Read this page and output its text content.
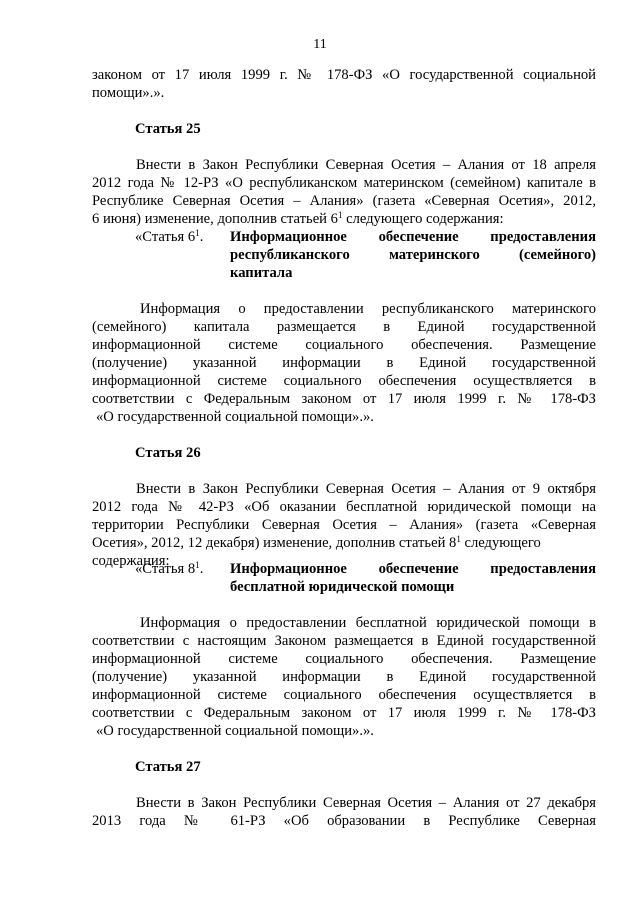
11
законом от 17 июля 1999 г. № 178-ФЗ «О государственной социальной
помощи».».
Статья 25
Внести в Закон Республики Северная Осетия – Алания от 18 апреля
2012 года № 12-РЗ «О республиканском материнском (семейном) капитале в
Республике Северная Осетия – Алания» (газета «Северная Осетия», 2012,
6 июня) изменение, дополнив статьей $6^1$ следующего содержания:
«Статья $6^1$. Информационное обеспечение предоставления
республиканского материнского (семейного)
капитала
Информация о предоставлении республиканского материнского
(семейного) капитала размещается в Единой государственной
информационной системе социального обеспечения. Размещение
(получение) указанной информации в Единой государственной
информационной системе социального обеспечения осуществляется в
соответствии с Федеральным законом от 17 июля 1999 г. № 178-ФЗ
«О государственной социальной помощи».».
Статья 26
Внести в Закон Республики Северная Осетия – Алания от 9 октября
2012 года № 42-РЗ «Об оказании бесплатной юридической помощи на
территории Республики Северная Осетия – Алания» (газета «Северная
Осетия», 2012, 12 декабря) изменение, дополнив статьей $8^1$ следующего
содержания:
«Статья $8^1$. Информационное обеспечение предоставления
бесплатной юридической помощи
Информация о предоставлении бесплатной юридической помощи в
соответствии с настоящим Законом размещается в Единой государственной
информационной системе социального обеспечения. Размещение
(получение) указанной информации в Единой государственной
информационной системе социального обеспечения осуществляется в
соответствии с Федеральным законом от 17 июля 1999 г. № 178-ФЗ
«О государственной социальной помощи».».
Статья 27
Внести в Закон Республики Северная Осетия – Алания от 27 декабря
2013 года № 61-РЗ «Об образовании в Республике Северная
